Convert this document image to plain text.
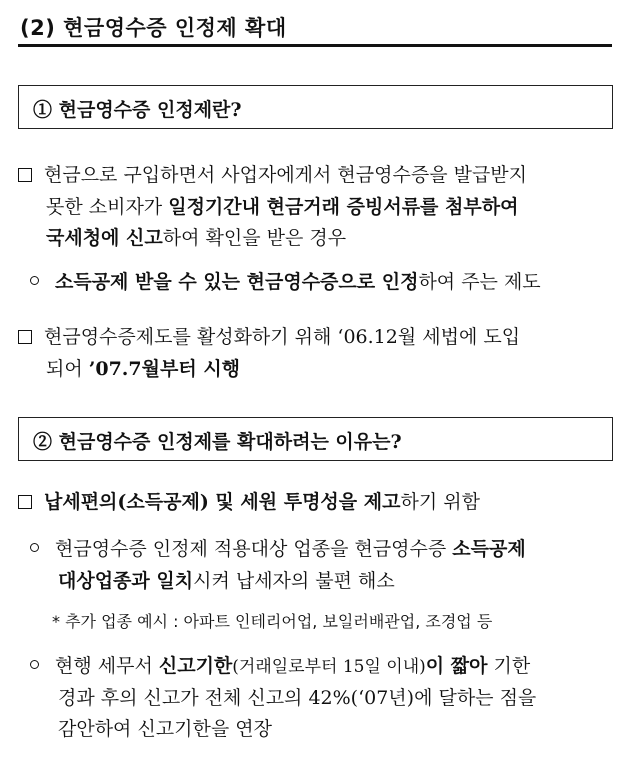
(2) 현금영수증 인정제 확대
① 현금영수증 인정제란?
현금으로 구입하면서 사업자에게서 현금영수증을 발급받지
못한 소비자가 일정기간내 현금거래 증빙서류를 첨부하여
국세청에 신고하여 확인을 받은 경우
소득공제 받을 수 있는 현금영수증으로 인정하여 주는 제도
현금영수증제도를 활성화하기 위해 ‘06.12월 세법에 도입
되어 ’07.7월부터 시행
② 현금영수증 인정제를 확대하려는 이유는?
납세편의(소득공제) 및 세원 투명성을 제고하기 위함
현금영수증 인정제 적용대상 업종을 현금영수증 소득공제
대상업종과 일치시켜 납세자의 불편 해소
* 추가 업종 예시 : 아파트 인테리어업, 보일러배관업, 조경업 등
현행 세무서 신고기한(거래일로부터 15일 이내)이 짧아 기한
경과 후의 신고가 전체 신고의 42%(‘07년)에 달하는 점을
감안하여 신고기한을 연장
